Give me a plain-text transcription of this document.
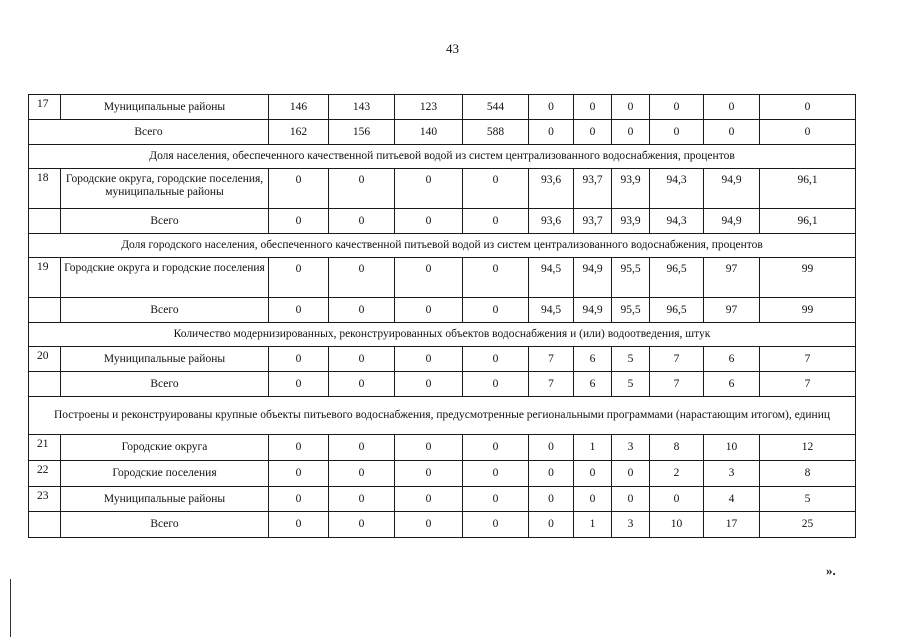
43
17	Муниципальные районы	146	143	123	544	0	0	0	0	0	0
Всего		162	156	140	588	0	0	0	0	0	0
Доля населения, обеспеченного качественной питьевой водой из систем централизованного водоснабжения, процентов											
18	Городские округа, городские поселения, муниципальные районы	0	0	0	0	93,6	93,7	93,9	94,3	94,9	96,1
	Всего	0	0	0	0	93,6	93,7	93,9	94,3	94,9	96,1
Доля городского населения, обеспеченного качественной питьевой водой из систем централизованного водоснабжения, процентов											
19	Городские округа и городские поселения	0	0	0	0	94,5	94,9	95,5	96,5	97	99
	Всего	0	0	0	0	94,5	94,9	95,5	96,5	97	99
Количество модернизированных, реконструированных объектов водоснабжения и (или) водоотведения, штук											
20	Муниципальные районы	0	0	0	0	7	6	5	7	6	7
	Всего	0	0	0	0	7	6	5	7	6	7
Построены и реконструированы крупные объекты питьевого водоснабжения, предусмотренные региональными программами (нарастающим итогом), единиц											
21	Городские округа	0	0	0	0	0	1	3	8	10	12
22	Городские поселения	0	0	0	0	0	0	0	2	3	8
23	Муниципальные районы	0	0	0	0	0	0	0	0	4	5
	Всего	0	0	0	0	0	1	3	10	17	25
».
